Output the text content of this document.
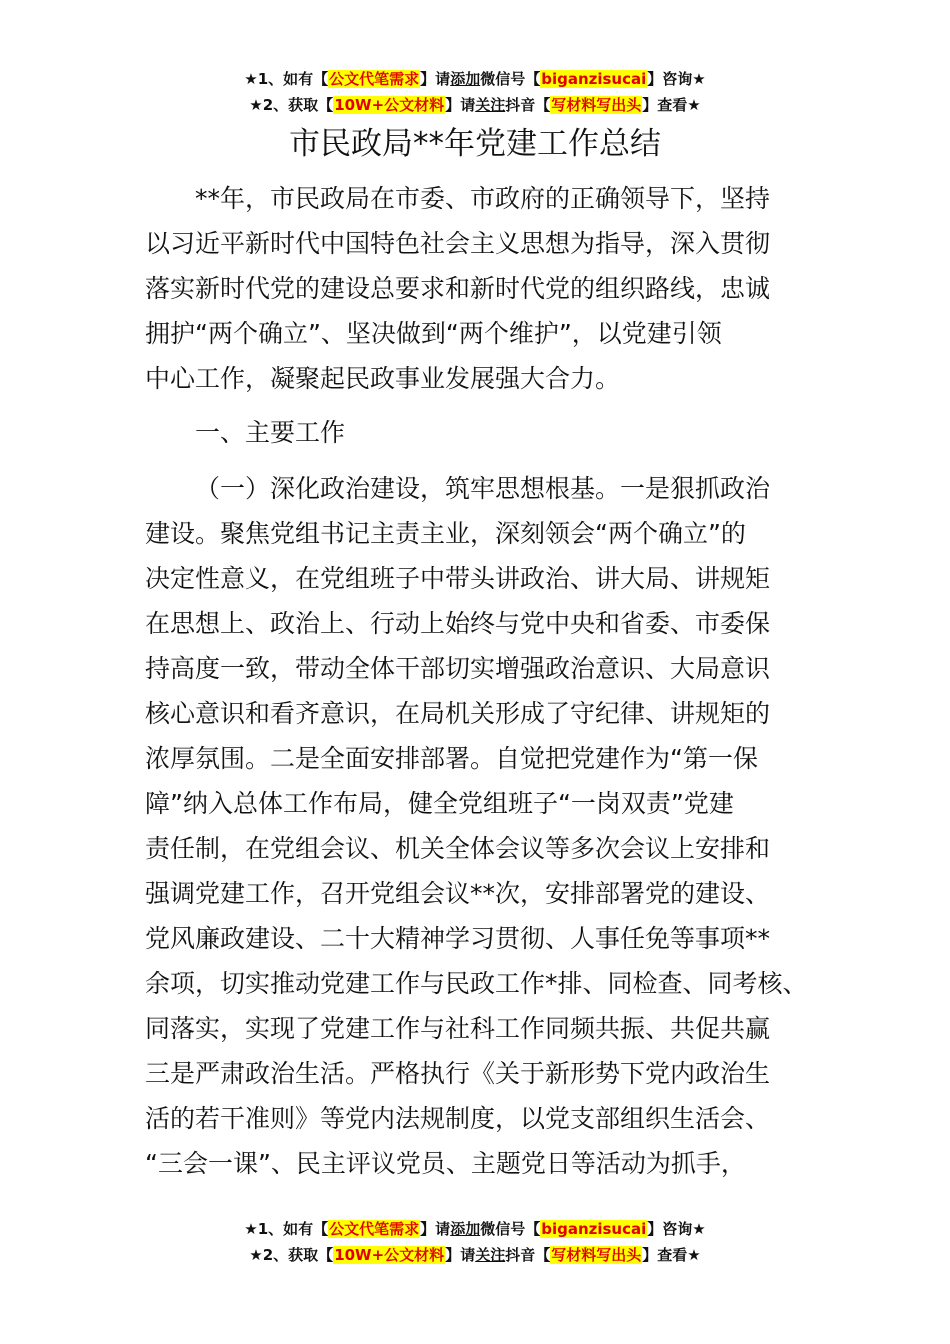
★1、如有【公文代笔需求】请添加微信号【biganzisucai】咨询★
★2、获取【10W+公文材料】请关注抖音【写材料写出头】查看★
市民政局**年党建工作总结
**年，市民政局在市委、市政府的正确领导下，坚持
以习近平新时代中国特色社会主义思想为指导，深入贯彻
落实新时代党的建设总要求和新时代党的组织路线，忠诚
拥护“两个确立”、坚决做到“两个维护”，以党建引领
中心工作，凝聚起民政事业发展强大合力。
一、主要工作
（一）深化政治建设，筑牢思想根基。一是狠抓政治
建设。聚焦党组书记主责主业，深刻领会“两个确立”的
决定性意义，在党组班子中带头讲政治、讲大局、讲规矩
在思想上、政治上、行动上始终与党中央和省委、市委保
持高度一致，带动全体干部切实增强政治意识、大局意识
核心意识和看齐意识，在局机关形成了守纪律、讲规矩的
浓厚氛围。二是全面安排部署。自觉把党建作为“第一保
障”纳入总体工作布局，健全党组班子“一岗双责”党建
责任制，在党组会议、机关全体会议等多次会议上安排和
强调党建工作，召开党组会议**次，安排部署党的建设、
党风廉政建设、二十大精神学习贯彻、人事任免等事项**
余项，切实推动党建工作与民政工作*排、同检查、同考核、
同落实，实现了党建工作与社科工作同频共振、共促共赢
三是严肃政治生活。严格执行《关于新形势下党内政治生
活的若干准则》等党内法规制度，以党支部组织生活会、
“三会一课”、民主评议党员、主题党日等活动为抓手，
★1、如有【公文代笔需求】请添加微信号【biganzisucai】咨询★
★2、获取【10W+公文材料】请关注抖音【写材料写出头】查看★
